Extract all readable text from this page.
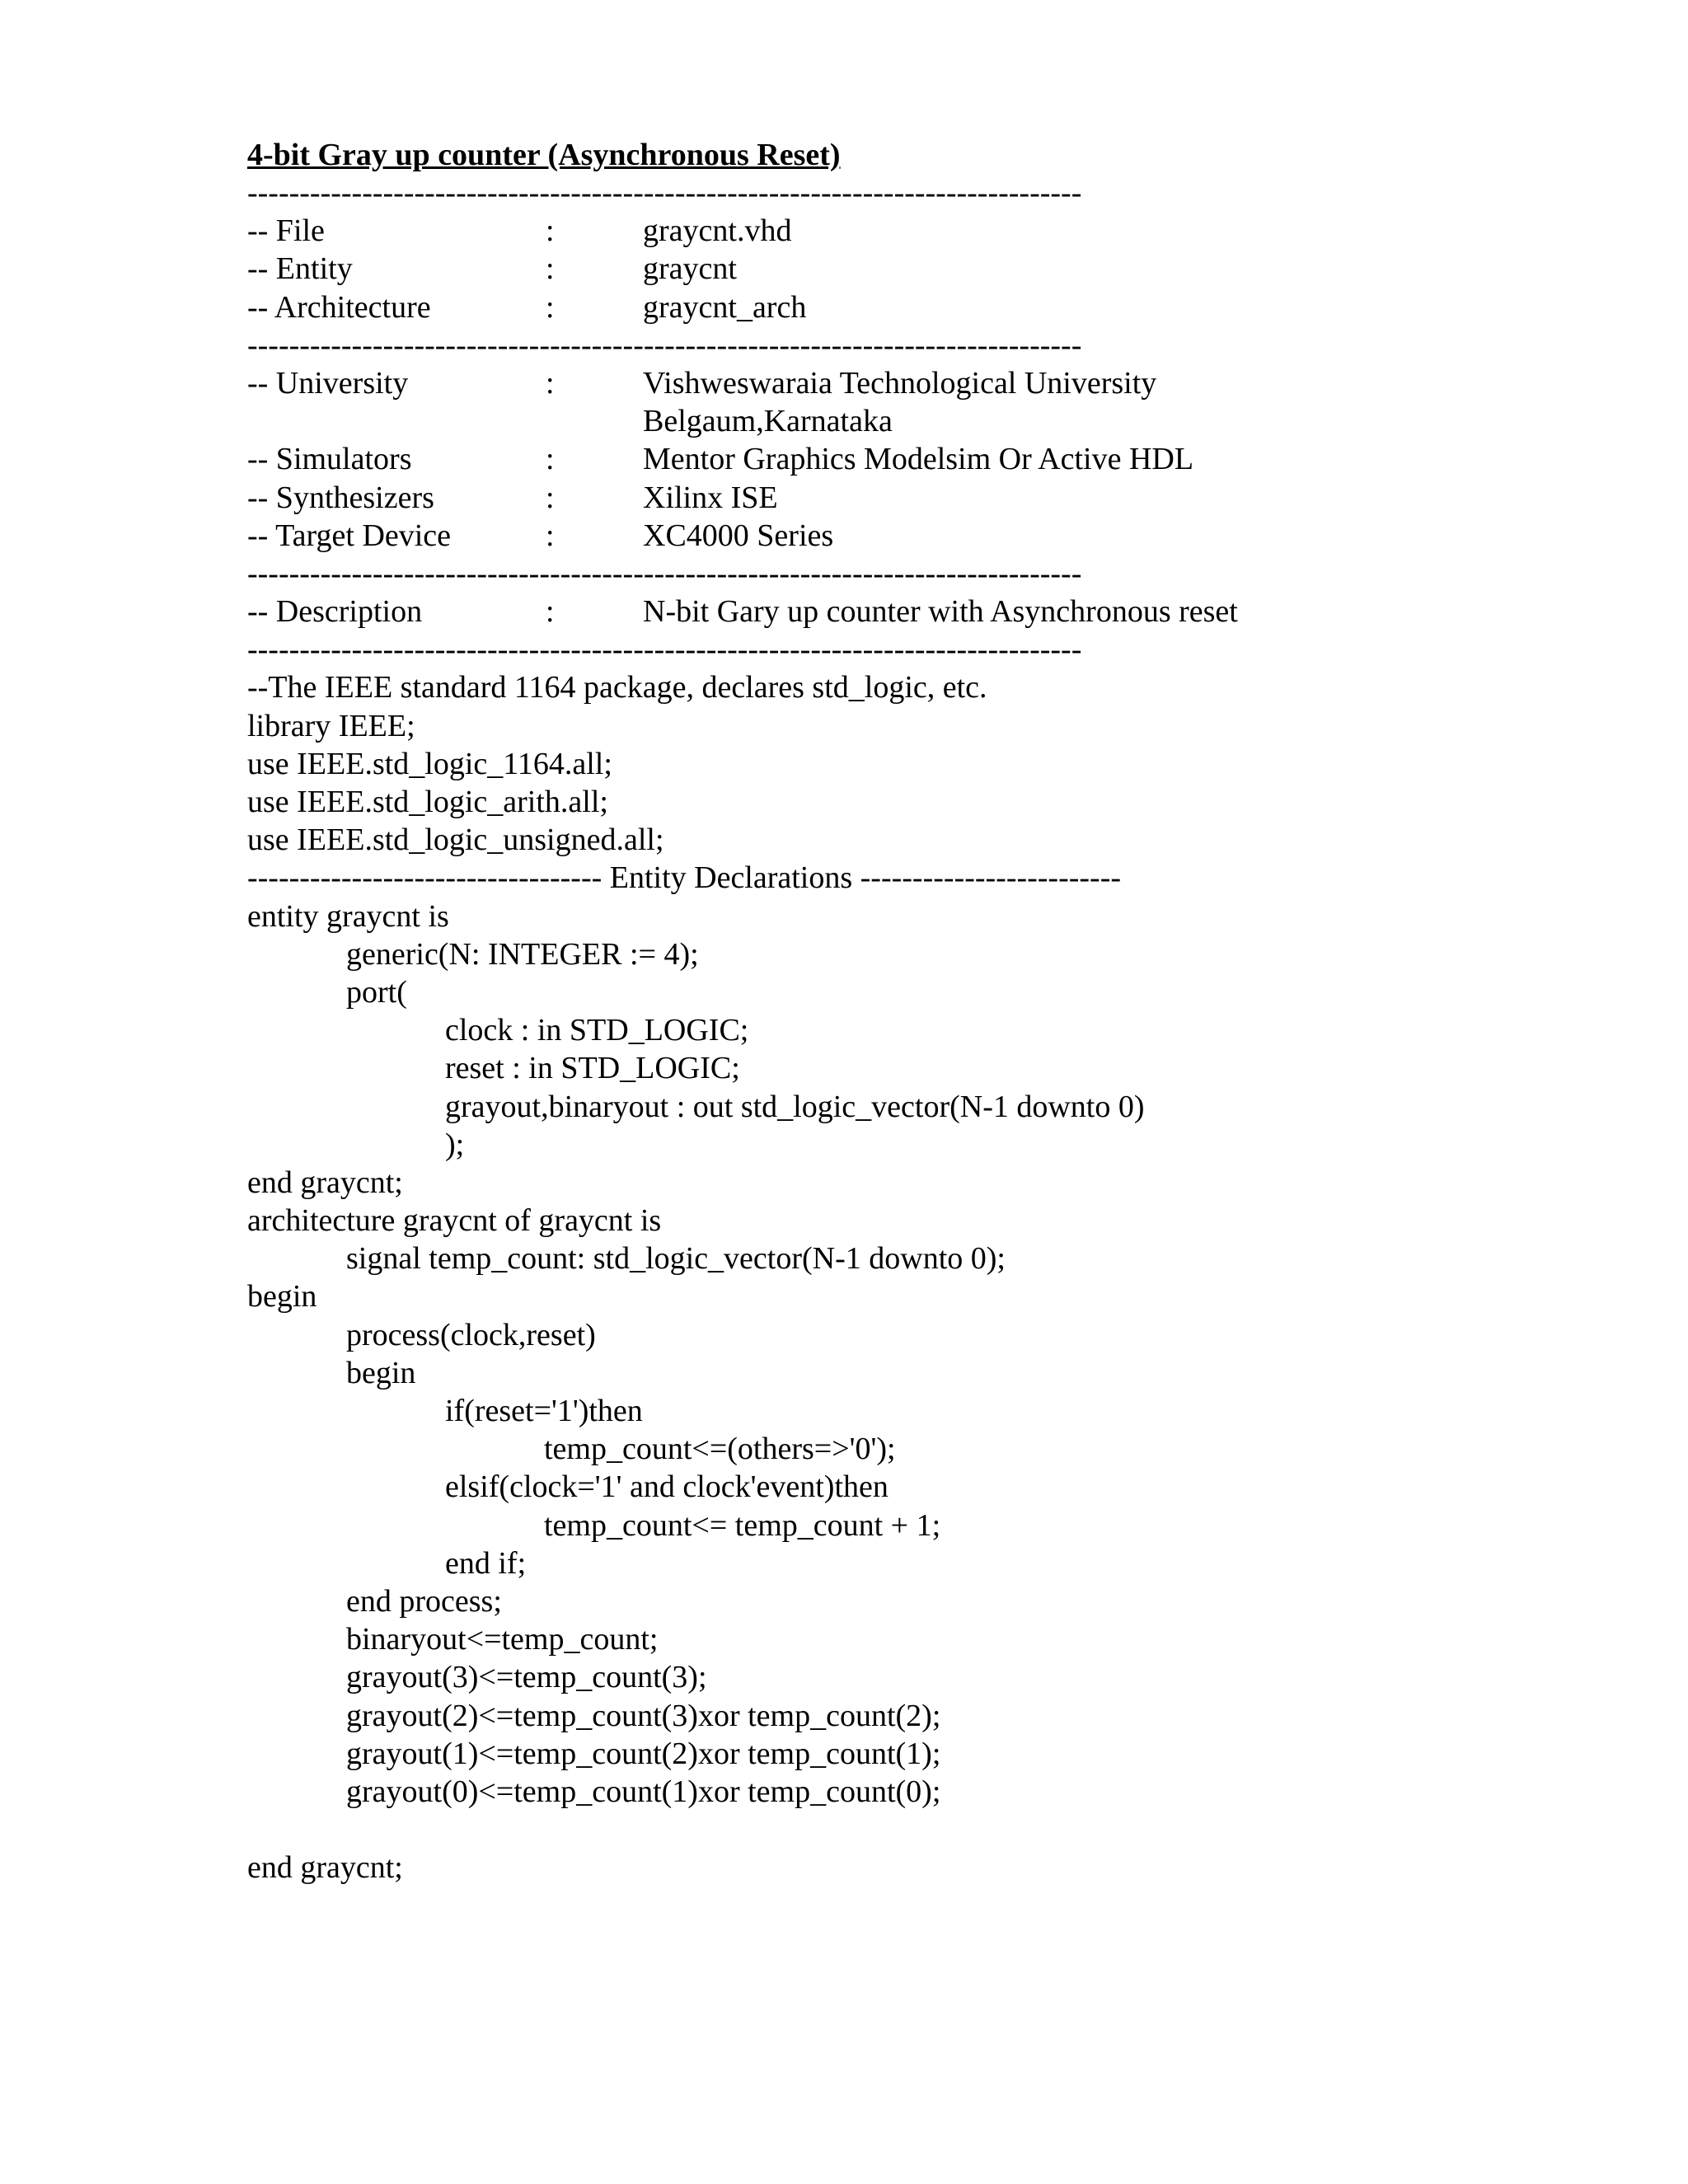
4-bit Gray up counter (Asynchronous Reset)
--------------------------------------------------------------------------------
-- File	:	graycnt.vhd
-- Entity	:	graycnt
-- Architecture	:	graycnt_arch
--------------------------------------------------------------------------------
-- University	:	Vishweswaraia Technological University
Belgaum,Karnataka
-- Simulators	:	Mentor Graphics Modelsim Or Active HDL
-- Synthesizers	:	Xilinx ISE
-- Target Device	:	XC4000 Series
--------------------------------------------------------------------------------
-- Description	:	N-bit Gary up counter with Asynchronous reset
--------------------------------------------------------------------------------
--The IEEE standard 1164 package, declares std_logic, etc.
library IEEE;
use IEEE.std_logic_1164.all;
use IEEE.std_logic_arith.all;
use IEEE.std_logic_unsigned.all;
---------------------------------- Entity Declarations -------------------------
entity graycnt is
generic(N: INTEGER := 4);
port(
clock : in STD_LOGIC;
reset : in STD_LOGIC;
grayout,binaryout : out std_logic_vector(N-1 downto 0)
);
end graycnt;
architecture graycnt of graycnt is
signal temp_count: std_logic_vector(N-1 downto 0);
begin
process(clock,reset)
begin
if(reset='1')then
temp_count<=(others=>'0');
elsif(clock='1' and clock'event)then
temp_count<= temp_count + 1;
end if;
end process;
binaryout<=temp_count;
grayout(3)<=temp_count(3);
grayout(2)<=temp_count(3)xor temp_count(2);
grayout(1)<=temp_count(2)xor temp_count(1);
grayout(0)<=temp_count(1)xor temp_count(0);
end graycnt;
